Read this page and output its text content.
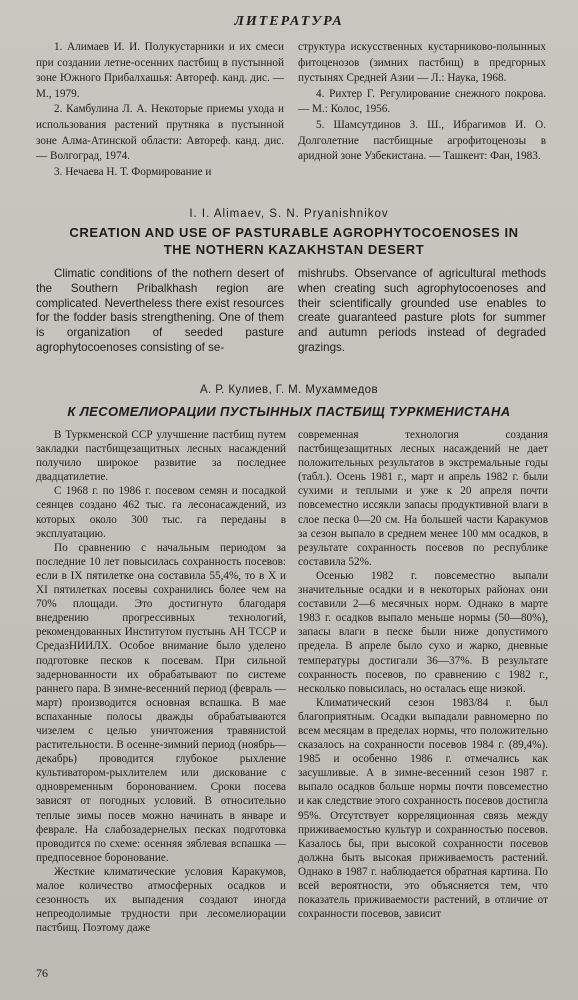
ЛИТЕРАТУРА

1. Алимаев И. И. Полукустарники и их смеси при создании летне-осенних пастбищ в пустынной зоне Южного Прибалхашья: Автореф. канд. дис. — М., 1979.

2. Камбулина Л. А. Некоторые приемы ухода и использования растений прутняка в пустынной зоне Алма-Атинской области: Автореф. канд. дис. — Волгоград, 1974.

3. Нечаева Н. Т. Формирование и

структура искусственных кустарниково-полынных фитоценозов (зимних пастбищ) в предгорных пустынях Средней Азии — Л.: Наука, 1968.

4. Рихтер Г. Регулирование снежного покрова. — М.: Колос, 1956.

5. Шамсутдинов З. Ш., Ибрагимов И. О. Долголетние пастбищные агрофитоценозы в аридной зоне Узбекистана. — Ташкент: Фан, 1983.

I. I. Alimaev, S. N. Pryanishnikov
CREATION AND USE OF PASTURABLE AGROPHYTOCOENOSES IN THE NOTHERN KAZAKHSTAN DESERT

Climatic conditions of the nothern desert of the Southern Pribalkhash region are complicated. Nevertheless there exist resources for the fodder basis strengthening. One of them is organization of seeded pasture agrophytocoenoses consisting of se-

mishrubs. Observance of agricultural methods when creating such agrophytocoenoses and their scientifically grounded use enables to create guaranteed pasture plots for summer and autumn periods instead of degraded grazings.

А. Р. Кулиев, Г. М. Мухаммедов
К ЛЕСОМЕЛИОРАЦИИ ПУСТЫННЫХ ПАСТБИЩ ТУРКМЕНИСТАНА

В Туркменской ССР улучшение пастбищ путем закладки пастбищезащитных лесных насаждений получило широкое развитие за последнее двадцатилетие.

С 1968 г. по 1986 г. посевом семян и посадкой сеянцев создано 462 тыс. га лесонасаждений, из которых около 300 тыс. га переданы в эксплуатацию.

По сравнению с начальным периодом за последние 10 лет повысилась сохранность посевов: если в IX пятилетке она составила 55,4%, то в X и XI пятилетках посевы сохранились более чем на 70% площади. Это достигнуто благодаря внедрению прогрессивных технологий, рекомендованных Институтом пустынь АН ТССР и СредазНИИЛХ. Особое внимание было уделено подготовке песков к посевам. При сильной задернованности их обрабатывают по системе раннего пара. В зимне-весенний период (февраль — март) производится основная вспашка. В мае вспаханные полосы дважды обрабатываются чизелем с целью уничтожения травянистой растительности. В осенне-зимний период (ноябрь—декабрь) проводится глубокое рыхление культиватором-рыхлителем или дискование с одновременным боронованием. Сроки посева зависят от погодных условий. В относительно теплые зимы посев можно начинать в январе и феврале. На слабозадернелых песках подготовка проводится по схеме: осенняя зяблевая вспашка — предпосевное боронование.

Жесткие климатические условия Каракумов, малое количество атмосферных осадков и сезонность их выпадения создают иногда непреодолимые трудности при лесомелиорации пастбищ. Поэтому даже

современная технология создания пастбищезащитных лесных насаждений не дает положительных результатов в экстремальные годы (табл.). Осень 1981 г., март и апрель 1982 г. были сухими и теплыми и уже к 20 апреля почти повсеместно иссякли запасы продуктивной влаги в слое песка 0—20 см. На большей части Каракумов за сезон выпало в среднем менее 100 мм осадков, в результате сохранность посевов по республике составила 52%.

Осенью 1982 г. повсеместно выпали значительные осадки и в некоторых районах они составили 2—6 месячных норм. Однако в марте 1983 г. осадков выпало меньше нормы (50—80%), запасы влаги в песке были ниже допустимого предела. В апреле было сухо и жарко, дневные температуры достигали 36—37%. В результате сохранность посевов, по сравнению с 1982 г., несколько повысилась, но осталась еще низкой.

Климатический сезон 1983/84 г. был благоприятным. Осадки выпадали равномерно по всем месяцам в пределах нормы, что положительно сказалось на сохранности посевов 1984 г. (89,4%). 1985 и особенно 1986 г. отмечались как засушливые. А в зимне-весенний сезон 1987 г. выпало осадков больше нормы почти повсеместно и как следствие этого сохранность посевов достигла 95%. Отсутствует корреляционная связь между приживаемостью культур и сохранностью посевов. Казалось бы, при высокой сохранности посевов должна быть высокая приживаемость растений. Однако в 1987 г. наблюдается обратная картина. По всей вероятности, это объясняется тем, что показатель приживаемости растений, в отличие от сохранности посевов, зависит

76
